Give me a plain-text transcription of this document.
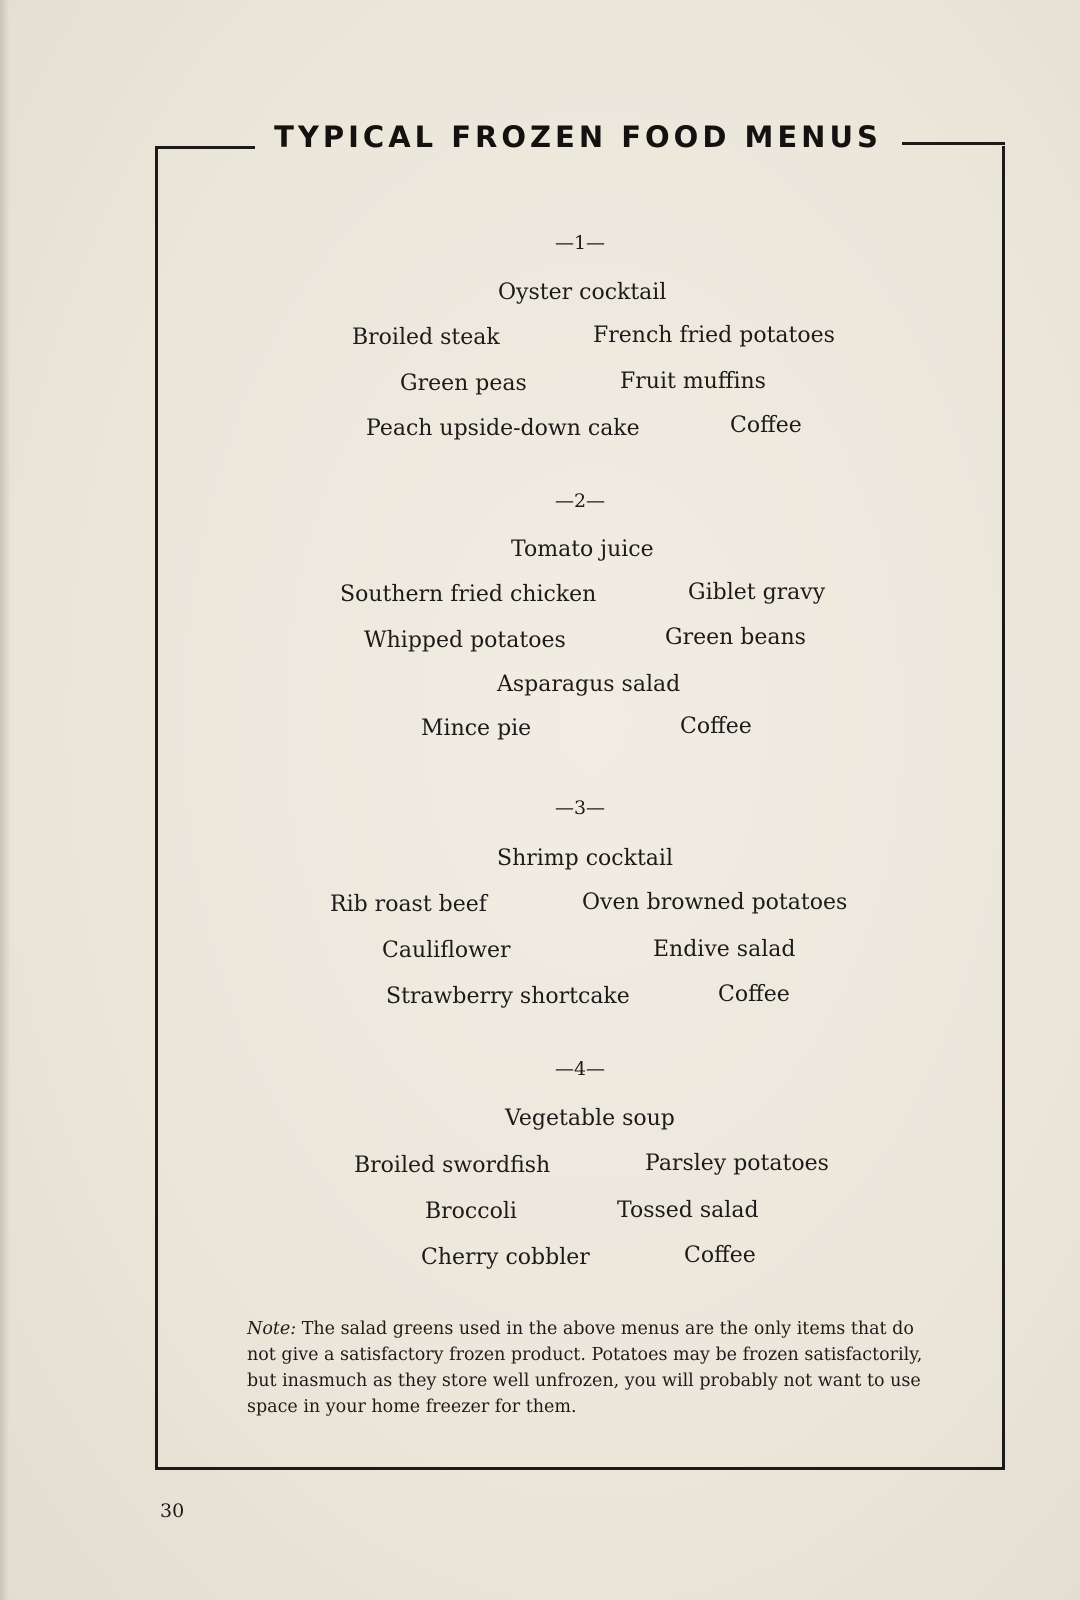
TYPICAL FROZEN FOOD MENUS
—1—
Oyster cocktail
Broiled steak	French fried potatoes
Green peas	Fruit muffins
Peach upside-down cake	Coffee
—2—
Tomato juice
Southern fried chicken	Giblet gravy
Whipped potatoes	Green beans
Asparagus salad
Mince pie	Coffee
—3—
Shrimp cocktail
Rib roast beef	Oven browned potatoes
Cauliflower	Endive salad
Strawberry shortcake	Coffee
—4—
Vegetable soup
Broiled swordfish	Parsley potatoes
Broccoli	Tossed salad
Cherry cobbler	Coffee
Note: The salad greens used in the above menus are the only items that do not give a satisfactory frozen product. Potatoes may be frozen satisfactorily, but inasmuch as they store well unfrozen, you will probably not want to use space in your home freezer for them.
30
